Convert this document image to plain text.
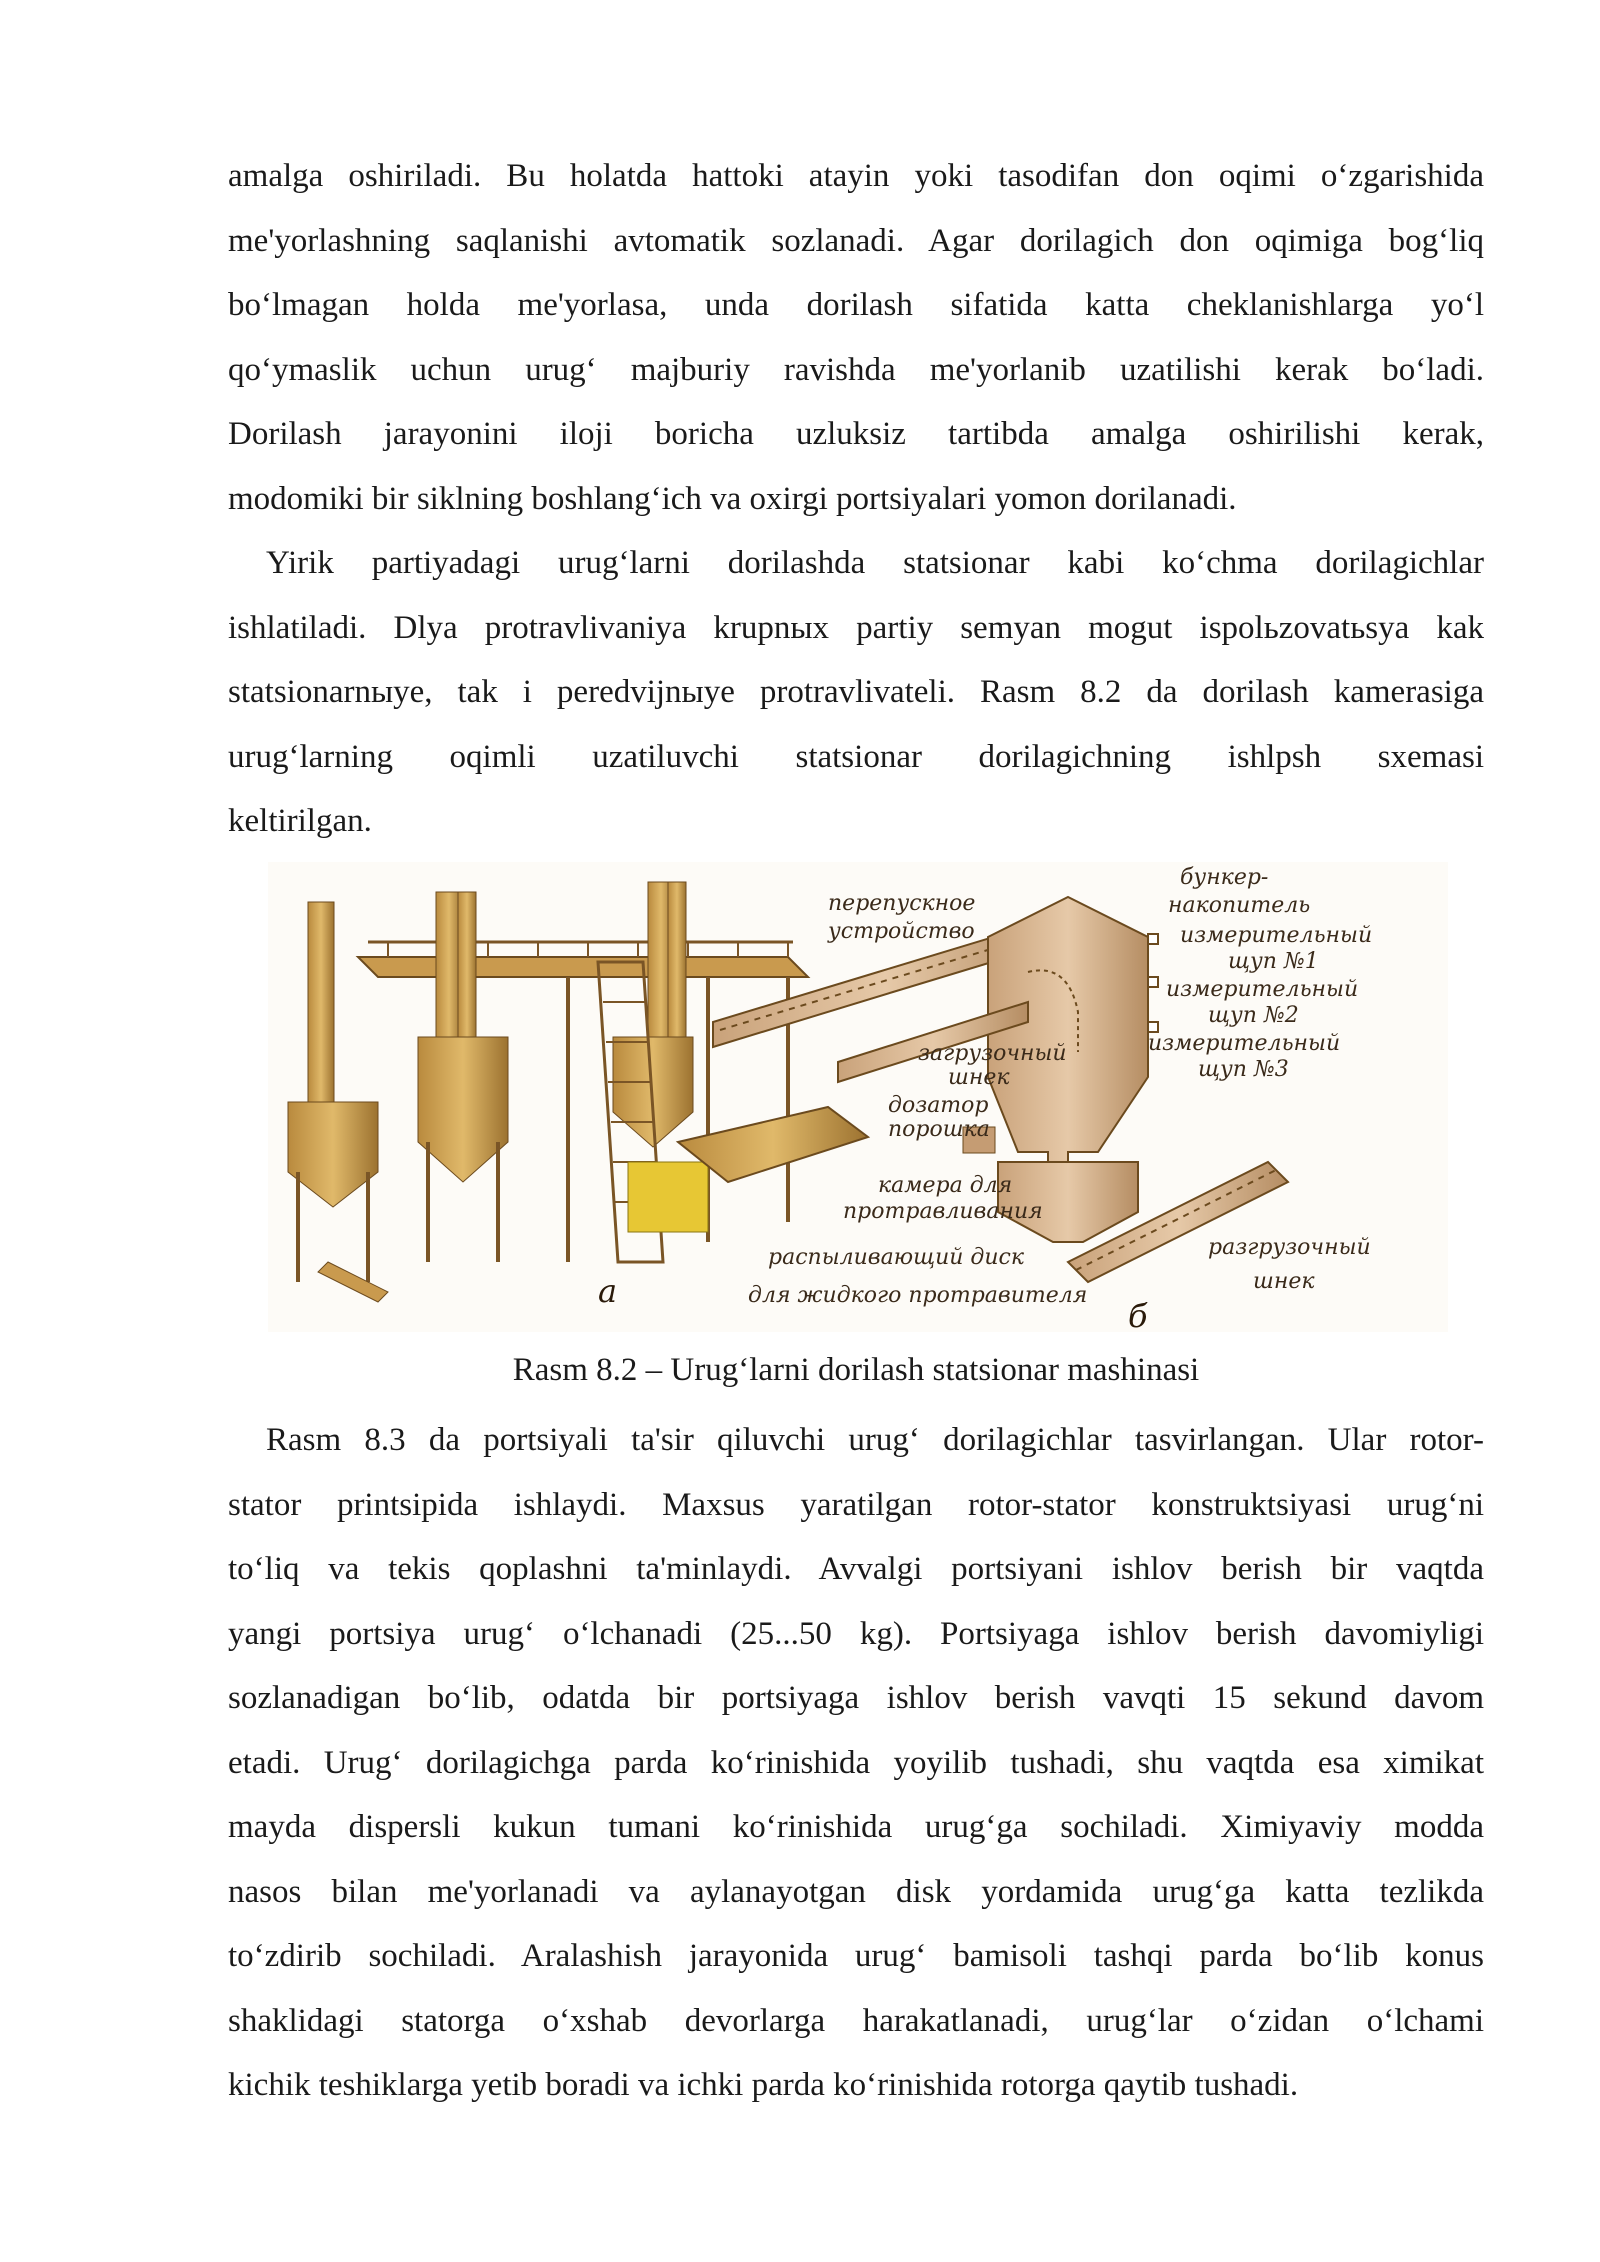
amalga oshiriladi. Bu holatda hattoki atayin yoki tasodifan don oqimi o‘zgarishida
me'yorlashning saqlanishi avtomatik sozlanadi. Agar dorilagich don oqimiga bog‘liq
bo‘lmagan holda me'yorlasa, unda dorilash sifatida katta cheklanishlarga yo‘l
qo‘ymaslik uchun urug‘ majburiy ravishda me'yorlanib uzatilishi kerak bo‘ladi.
Dorilash jarayonini iloji boricha uzluksiz tartibda amalga oshirilishi kerak,
modomiki bir siklning boshlang‘ich va oxirgi portsiyalari yomon dorilanadi.

Yirik partiyadagi urug‘larni dorilashda statsionar kabi ko‘chma dorilagichlar
ishlatiladi. Dlya protravlivaniya krupnых partiy semyan mogut ispolьzovatьsya kak
statsionarnыye, tak i peredvijnыye protravlivateli. Rasm 8.2 da dorilash kamerasiga
urug‘larning oqimli uzatiluvchi statsionar dorilagichning ishlpsh sxemasi
keltirilgan.

а
б
бункер-
накопитель
измерительный
щуп №1
измерительный
щуп №2
измерительный
щуп №3
перепускное
устройство
загрузочный
шнек
дозатор
порошка
камера для
протравливания
распыливающий диск
для жидкого протравителя
разгрузочный
шнек
Rasm 8.2 – Urug‘larni dorilash statsionar mashinasi

Rasm 8.3 da portsiyali ta'sir qiluvchi urug‘ dorilagichlar tasvirlangan. Ular rotor-
stator printsipida ishlaydi. Maxsus yaratilgan rotor-stator konstruktsiyasi urug‘ni
to‘liq va tekis qoplashni ta'minlaydi. Avvalgi portsiyani ishlov berish bir vaqtda
yangi portsiya urug‘ o‘lchanadi (25...50 kg). Portsiyaga ishlov berish davomiyligi
sozlanadigan bo‘lib, odatda bir portsiyaga ishlov berish vavqti 15 sekund davom
etadi. Urug‘ dorilagichga parda ko‘rinishida yoyilib tushadi, shu vaqtda esa ximikat
mayda dispersli kukun tumani ko‘rinishida urug‘ga sochiladi. Ximiyaviy modda
nasos bilan me'yorlanadi va aylanayotgan disk yordamida urug‘ga katta tezlikda
to‘zdirib sochiladi. Aralashish jarayonida urug‘ bamisoli tashqi parda bo‘lib konus
shaklidagi statorga o‘xshab devorlarga harakatlanadi, urug‘lar o‘zidan o‘lchami
kichik teshiklarga yetib boradi va ichki parda ko‘rinishida rotorga qaytib tushadi.
